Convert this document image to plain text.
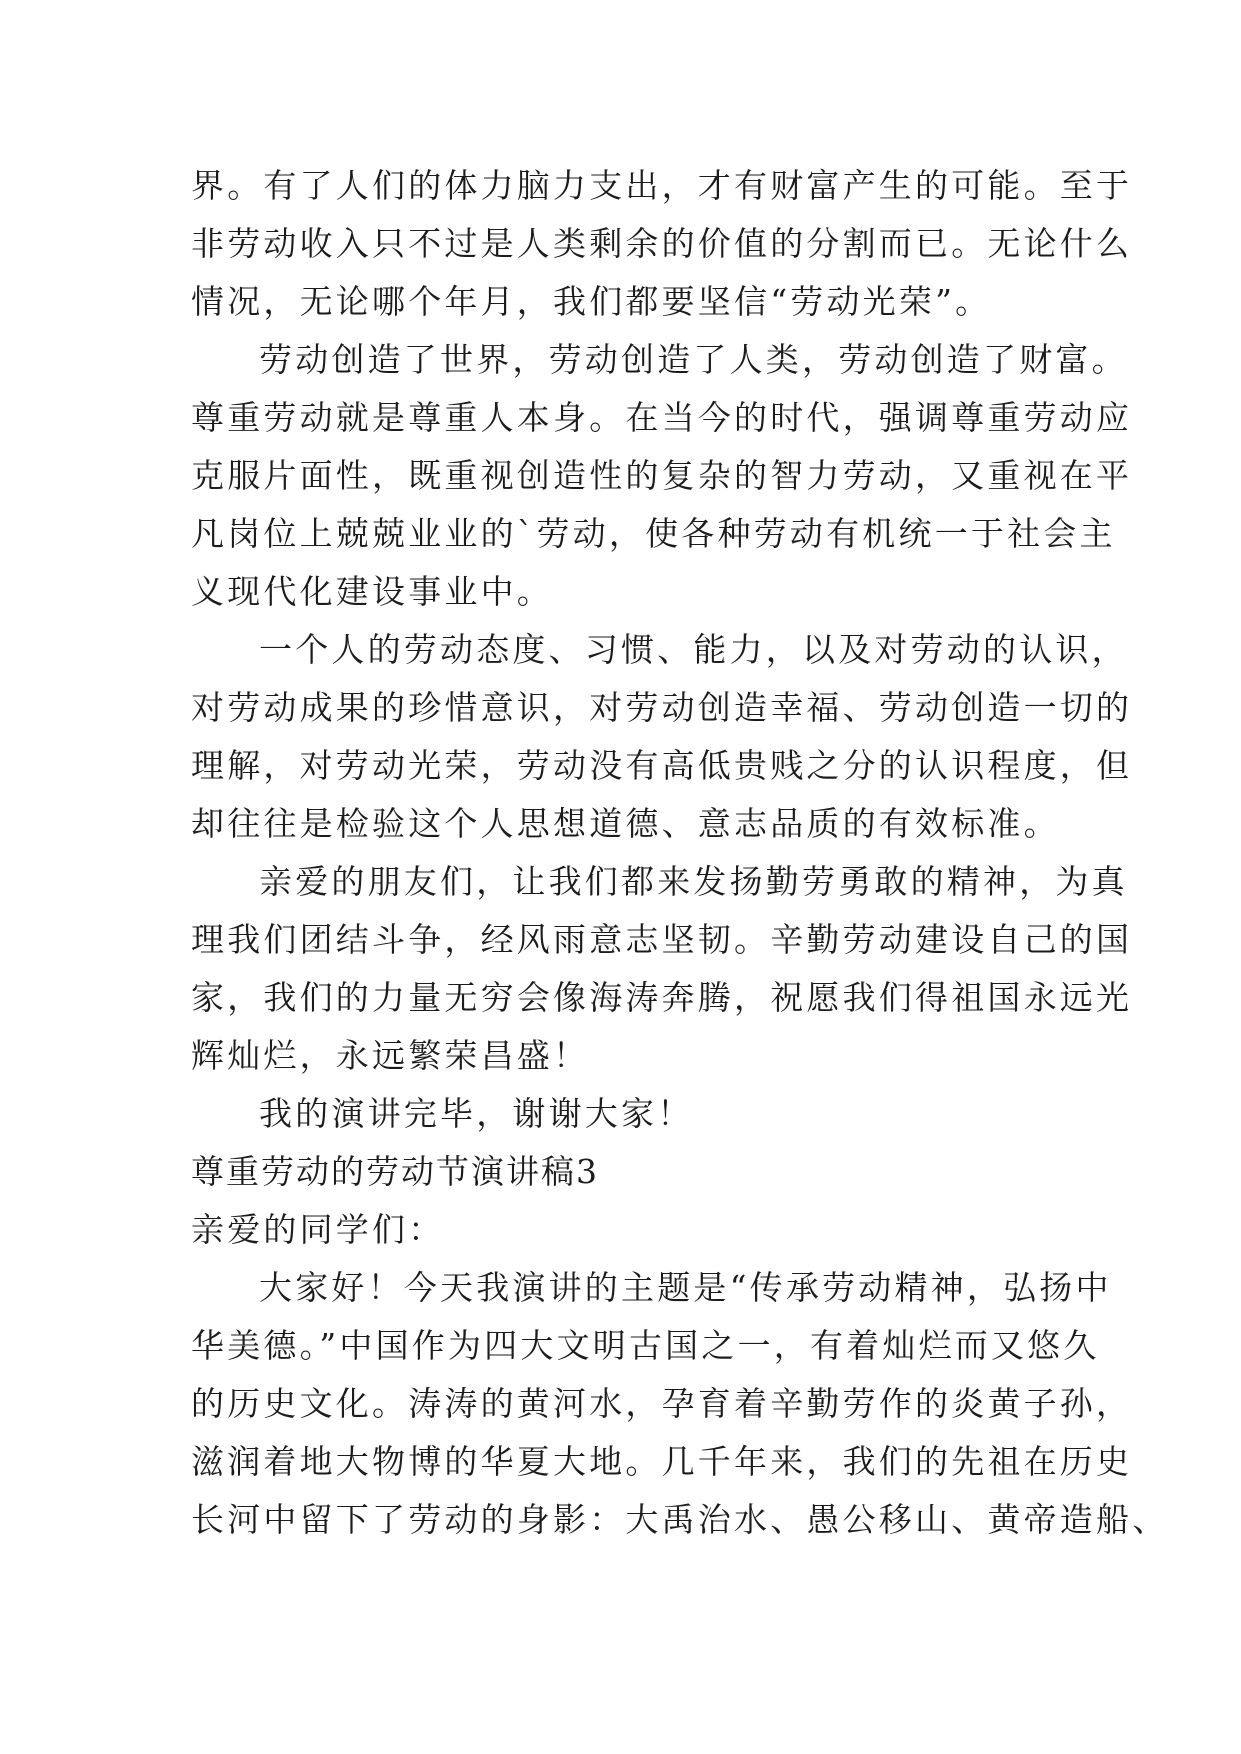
界。有了人们的体力脑力支出，才有财富产生的可能。至于
非劳动收入只不过是人类剩余的价值的分割而已。无论什么
情况，无论哪个年月，我们都要坚信“劳动光荣”。
劳动创造了世界，劳动创造了人类，劳动创造了财富。
尊重劳动就是尊重人本身。在当今的时代，强调尊重劳动应
克服片面性，既重视创造性的复杂的智力劳动，又重视在平
凡岗位上兢兢业业的`劳动，使各种劳动有机统一于社会主
义现代化建设事业中。
一个人的劳动态度、习惯、能力，以及对劳动的认识，
对劳动成果的珍惜意识，对劳动创造幸福、劳动创造一切的
理解，对劳动光荣，劳动没有高低贵贱之分的认识程度，但
却往往是检验这个人思想道德、意志品质的有效标准。
亲爱的朋友们，让我们都来发扬勤劳勇敢的精神，为真
理我们团结斗争，经风雨意志坚韧。辛勤劳动建设自己的国
家，我们的力量无穷会像海涛奔腾，祝愿我们得祖国永远光
辉灿烂，永远繁荣昌盛！
我的演讲完毕，谢谢大家！
尊重劳动的劳动节演讲稿3
亲爱的同学们：
大家好！今天我演讲的主题是“传承劳动精神，弘扬中
华美德。”中国作为四大文明古国之一，有着灿烂而又悠久
的历史文化。涛涛的黄河水，孕育着辛勤劳作的炎黄子孙，
滋润着地大物博的华夏大地。几千年来，我们的先祖在历史
长河中留下了劳动的身影：大禹治水、愚公移山、黄帝造船、
